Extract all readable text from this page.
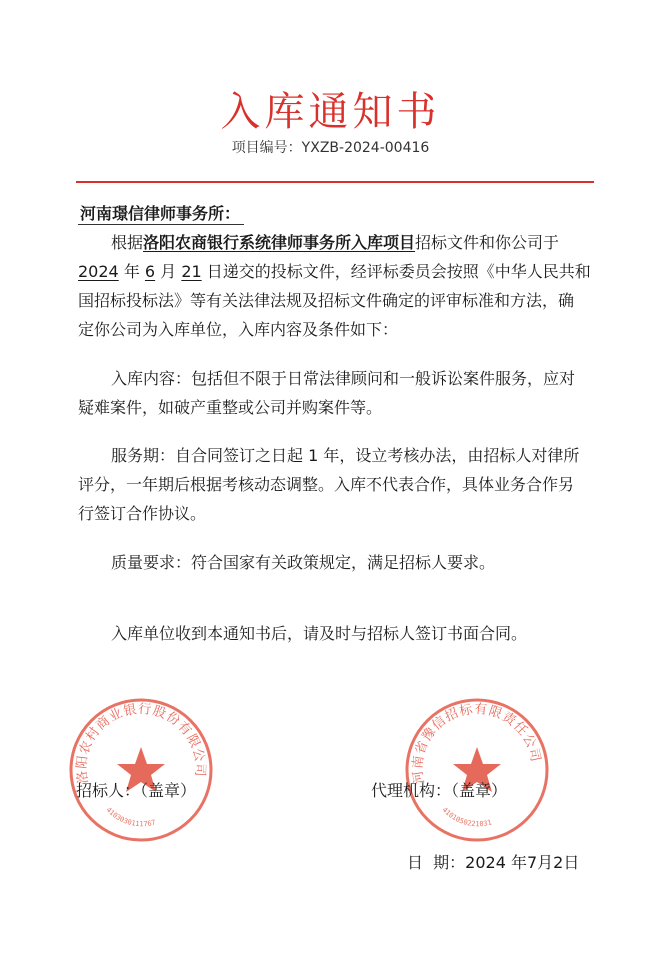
入库通知书
项目编号：YXZB-2024-00416
河南璟信律师事务所：
根据洛阳农商银行系统律师事务所入库项目招标文件和你公司于
2024 年 6 月 21 日递交的投标文件，经评标委员会按照《中华人民共和
国招标投标法》等有关法律法规及招标文件确定的评审标准和方法，确
定你公司为入库单位，入库内容及条件如下：
入库内容：包括但不限于日常法律顾问和一般诉讼案件服务，应对
疑难案件，如破产重整或公司并购案件等。
服务期：自合同签订之日起 1 年，设立考核办法，由招标人对律所
评分，一年期后根据考核动态调整。入库不代表合作，具体业务合作另
行签订合作协议。
质量要求：符合国家有关政策规定，满足招标人要求。
入库单位收到本通知书后，请及时与招标人签订书面合同。
洛阳农村商业银行股份有限公司
4103030111767
河南省豫信招标有限责任公司
4101050221031
招标人：（盖章）	代理机构：（盖章）
日  期：2024 年7月2日
